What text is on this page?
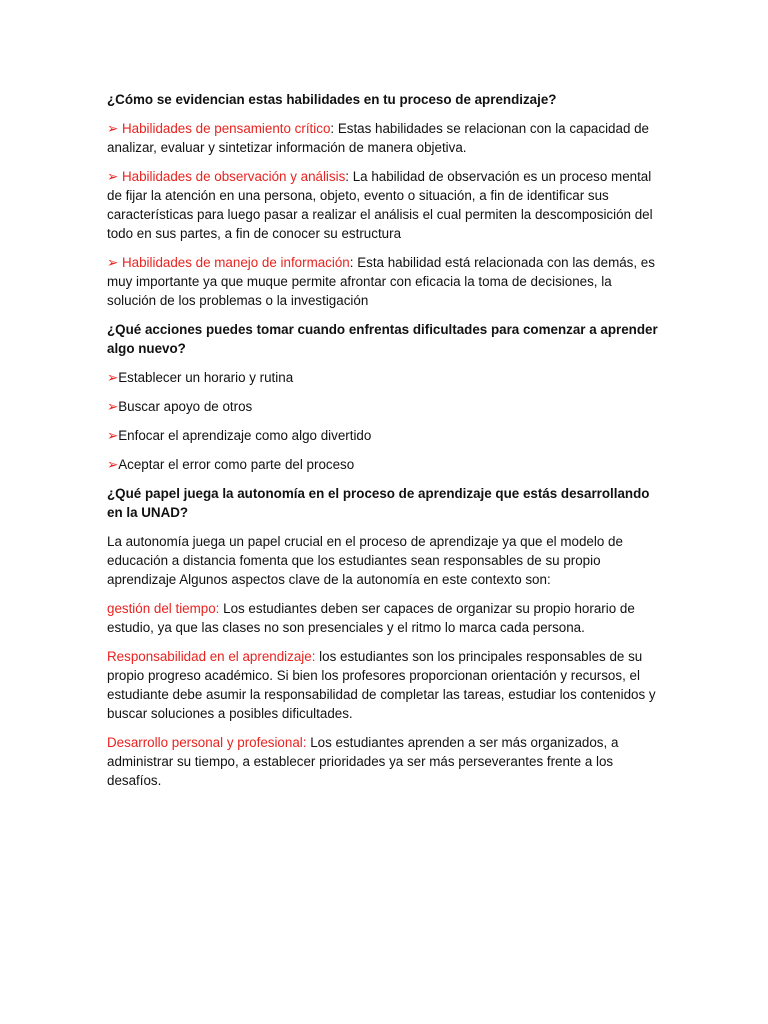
¿Cómo se evidencian estas habilidades en tu proceso de aprendizaje?

➢ Habilidades de pensamiento crítico: Estas habilidades se relacionan con la capacidad de analizar, evaluar y sintetizar información de manera objetiva.

➢ Habilidades de observación y análisis: La habilidad de observación es un proceso mental de fijar la atención en una persona, objeto, evento o situación, a fin de identificar sus características para luego pasar a realizar el análisis el cual permiten la descomposición del todo en sus partes, a fin de conocer su estructura

➢ Habilidades de manejo de información: Esta habilidad está relacionada con las demás, es muy importante ya que muque permite afrontar con eficacia la toma de decisiones, la solución de los problemas o la investigación

¿Qué acciones puedes tomar cuando enfrentas dificultades para comenzar a aprender algo nuevo?

➢Establecer un horario y rutina

➢Buscar apoyo de otros

➢Enfocar el aprendizaje como algo divertido

➢Aceptar el error como parte del proceso

¿Qué papel juega la autonomía en el proceso de aprendizaje que estás desarrollando en la UNAD?

La autonomía juega un papel crucial en el proceso de aprendizaje ya que el modelo de educación a distancia fomenta que los estudiantes sean responsables de su propio aprendizaje Algunos aspectos clave de la autonomía en este contexto son:

gestión del tiempo: Los estudiantes deben ser capaces de organizar su propio horario de estudio, ya que las clases no son presenciales y el ritmo lo marca cada persona.

Responsabilidad en el aprendizaje: los estudiantes son los principales responsables de su propio progreso académico. Si bien los profesores proporcionan orientación y recursos, el estudiante debe asumir la responsabilidad de completar las tareas, estudiar los contenidos y buscar soluciones a posibles dificultades.

Desarrollo personal y profesional: Los estudiantes aprenden a ser más organizados, a administrar su tiempo, a establecer prioridades ya ser más perseverantes frente a los desafíos.
